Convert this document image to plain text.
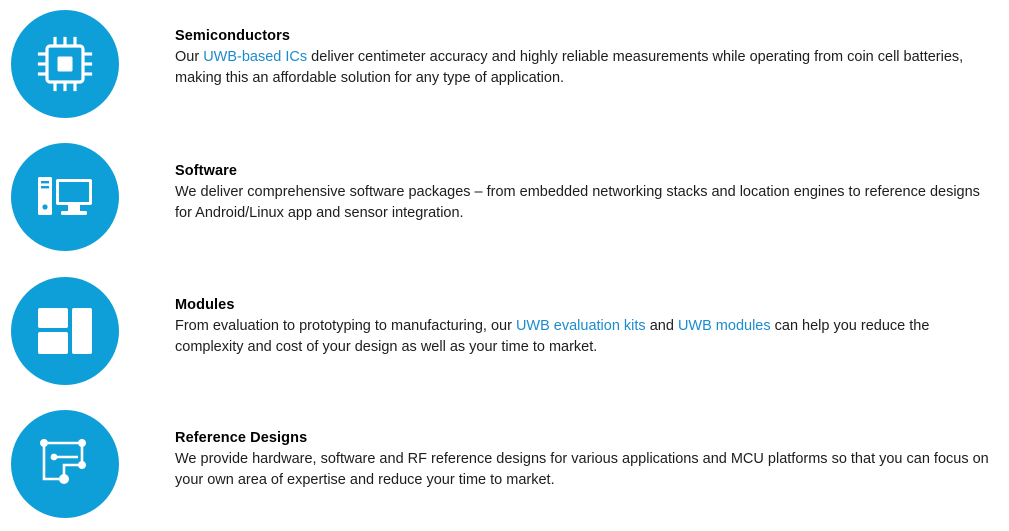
Semiconductors

Our UWB-based ICs deliver centimeter accuracy and highly reliable measurements while operating from coin cell batteries, making this an affordable solution for any type of application.

Software

We deliver comprehensive software packages – from embedded networking stacks and location engines to reference designs for Android/Linux app and sensor integration.

Modules

From evaluation to prototyping to manufacturing, our UWB evaluation kits and UWB modules can help you reduce the complexity and cost of your design as well as your time to market.

Reference Designs

We provide hardware, software and RF reference designs for various applications and MCU platforms so that you can focus on your own area of expertise and reduce your time to market.
